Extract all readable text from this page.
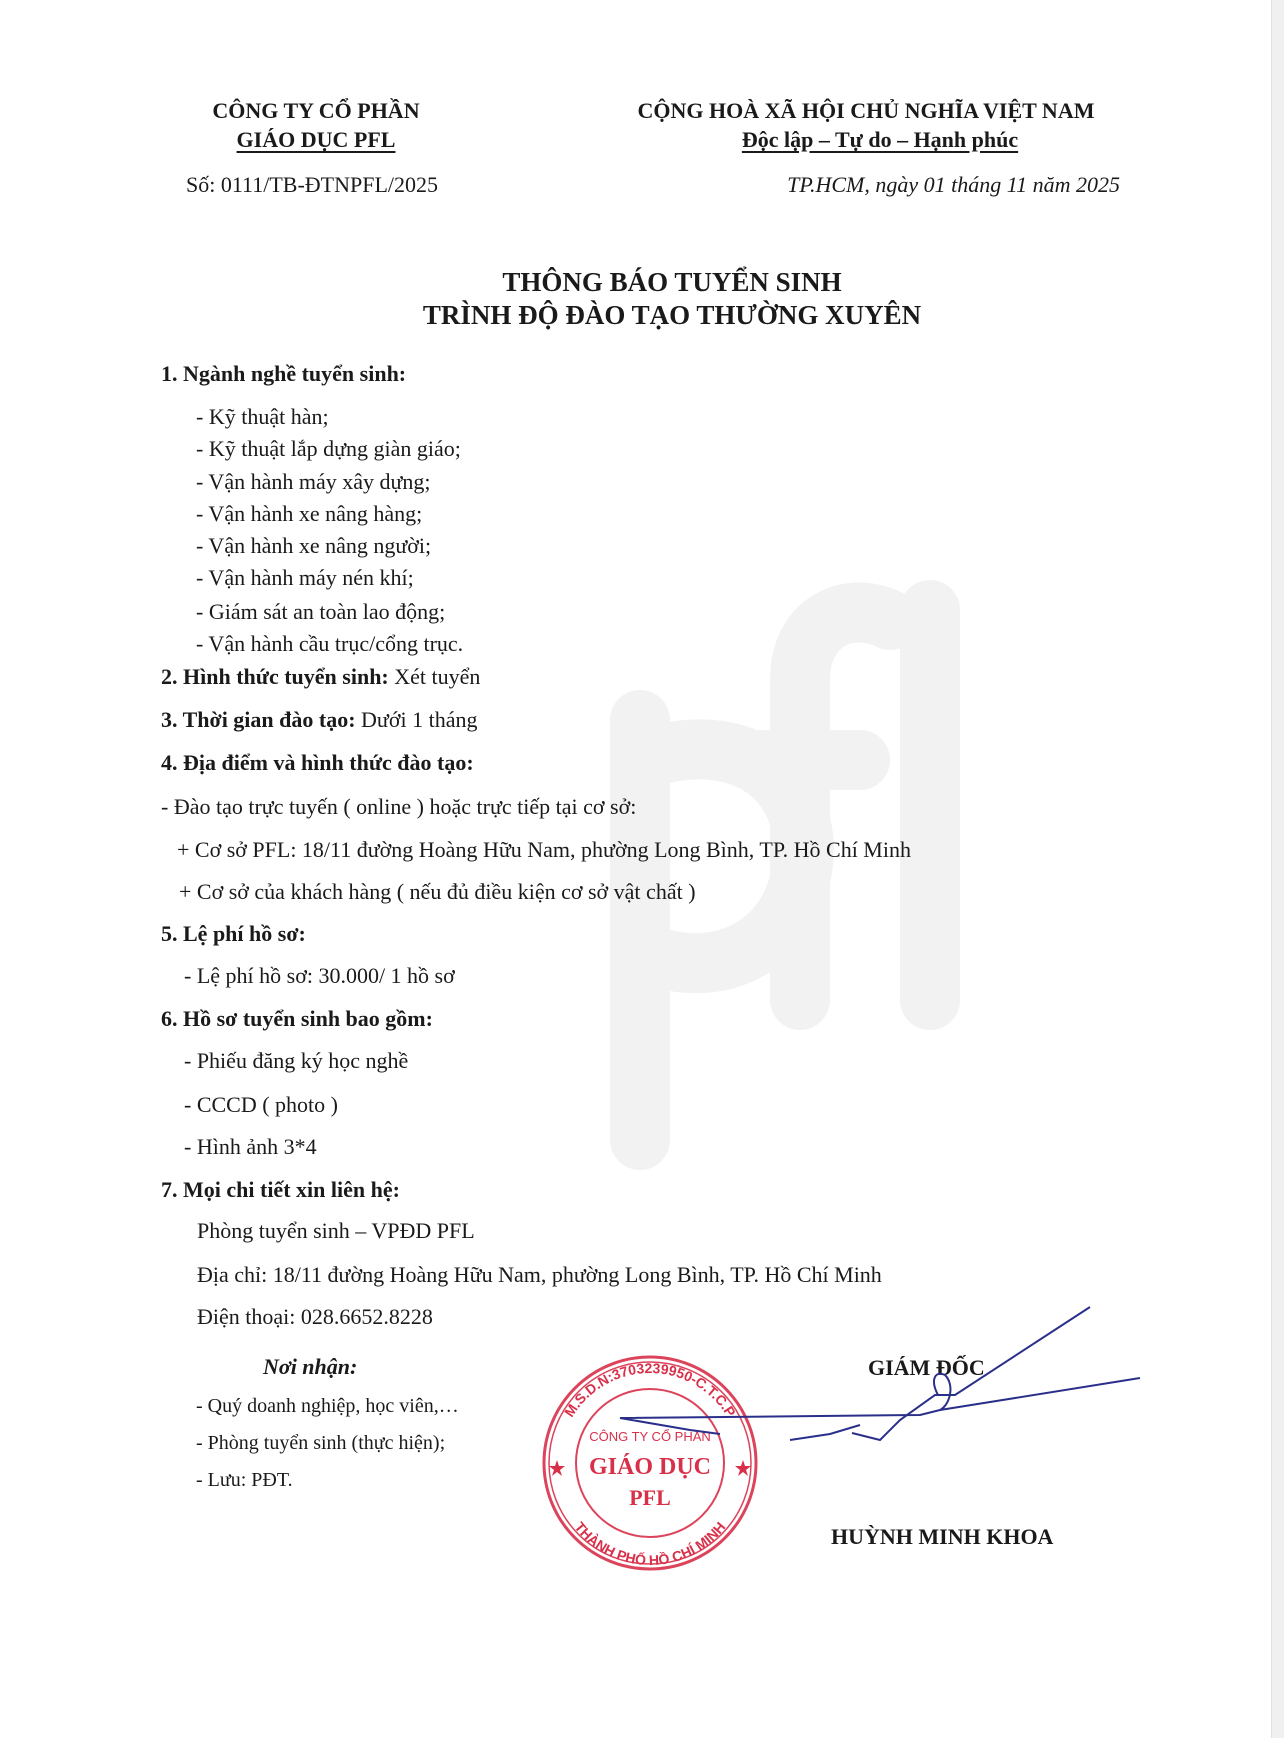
CÔNG TY CỔ PHẦN
GIÁO DỤC PFL
CỘNG HOÀ XÃ HỘI CHỦ NGHĨA VIỆT NAM
Độc lập – Tự do – Hạnh phúc
Số: 0111/TB-ĐTNPFL/2025	TP.HCM, ngày 01 tháng 11 năm 2025
THÔNG BÁO TUYỂN SINH
TRÌNH ĐỘ ĐÀO TẠO THƯỜNG XUYÊN
1. Ngành nghề tuyển sinh:
- Kỹ thuật hàn;
- Kỹ thuật lắp dựng giàn giáo;
- Vận hành máy xây dựng;
- Vận hành xe nâng hàng;
- Vận hành xe nâng người;
- Vận hành máy nén khí;
- Giám sát an toàn lao động;
- Vận hành cầu trục/cổng trục.
2. Hình thức tuyển sinh: Xét tuyển
3. Thời gian đào tạo: Dưới 1 tháng
4. Địa điểm và hình thức đào tạo:
- Đào tạo trực tuyến ( online ) hoặc trực tiếp tại cơ sở:
+ Cơ sở PFL: 18/11 đường Hoàng Hữu Nam, phường Long Bình, TP. Hồ Chí Minh
+ Cơ sở của khách hàng ( nếu đủ điều kiện cơ sở vật chất )
5. Lệ phí hồ sơ:
- Lệ phí hồ sơ: 30.000/ 1 hồ sơ
6. Hồ sơ tuyển sinh bao gồm:
- Phiếu đăng ký học nghề
- CCCD ( photo )
- Hình ảnh 3*4
7. Mọi chi tiết xin liên hệ:
Phòng tuyển sinh – VPĐD PFL
Địa chỉ: 18/11 đường Hoàng Hữu Nam, phường Long Bình, TP. Hồ Chí Minh
Điện thoại: 028.6652.8228
Nơi nhận:
- Quý doanh nghiệp, học viên,…
- Phòng tuyển sinh (thực hiện);
- Lưu: PĐT.
GIÁM ĐỐC
M.S.D.N:3703239950-C.T.C.P
THÀNH PHỐ HỒ CHÍ MINH
CÔNG TY CỔ PHẦN
GIÁO DỤC
PFL
HUỲNH MINH KHOA
